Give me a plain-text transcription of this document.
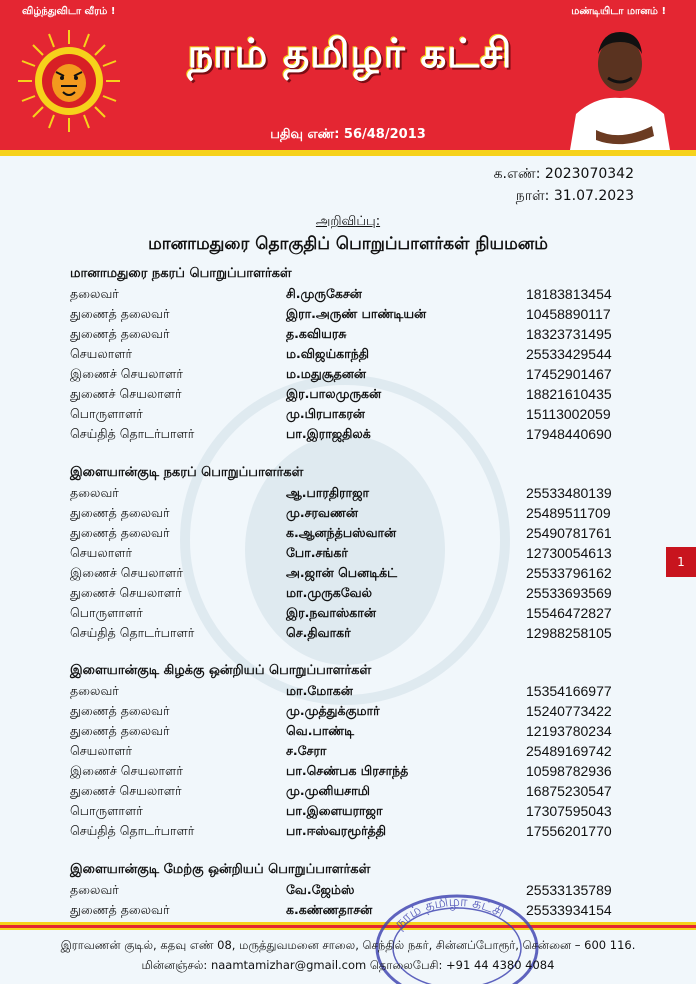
விழ்ந்துவிடா வீரம் !	மண்டியிடா மானம் !
நாம் தமிழர் கட்சி
பதிவு எண்: 56/48/2013
க.எண்: 2023070342
நாள்: 31.07.2023
அறிவிப்பு:
மானாமதுரை தொகுதிப் பொறுப்பாளர்கள் நியமனம்
மானாமதுரை நகரப் பொறுப்பாளர்கள்
தலைவர்	சி.முருகேசன்	18183813454
துணைத் தலைவர்	இரா.அருண் பாண்டியன்	10458890117
துணைத் தலைவர்	த.கவியரசு	18323731495
செயலாளர்	ம.விஜய்காந்தி	25533429544
இணைச் செயலாளர்	ம.மதுசூதனன்	17452901467
துணைச் செயலாளர்	இர.பாலமுருகன்	18821610435
பொருளாளர்	மு.பிரபாகரன்	15113002059
செய்தித் தொடர்பாளர்	பா.இராஜதிலக்	17948440690
இளையான்குடி நகரப் பொறுப்பாளர்கள்
தலைவர்	ஆ.பாரதிராஜா	25533480139
துணைத் தலைவர்	மு.சரவணன்	25489511709
துணைத் தலைவர்	க.ஆனந்த்பஸ்வான்	25490781761
செயலாளர்	போ.சங்கர்	12730054613
இணைச் செயலாளர்	அ.ஜான் பெனடிக்ட்	25533796162
துணைச் செயலாளர்	மா.முருகவேல்	25533693569
பொருளாளர்	இர.நவாஸ்கான்	15546472827
செய்தித் தொடர்பாளர்	செ.திவாகர்	12988258105
இளையான்குடி கிழக்கு ஒன்றியப் பொறுப்பாளர்கள்
தலைவர்	மா.மோகன்	15354166977
துணைத் தலைவர்	மு.முத்துக்குமார்	15240773422
துணைத் தலைவர்	வெ.பாண்டி	12193780234
செயலாளர்	ச.சேரா	25489169742
இணைச் செயலாளர்	பா.செண்பக பிரசாந்த்	10598782936
துணைச் செயலாளர்	மு.முனியசாமி	16875230547
பொருளாளர்	பா.இளையராஜா	17307595043
செய்தித் தொடர்பாளர்	பா.ஈஸ்வரமூர்த்தி	17556201770
இளையான்குடி மேற்கு ஒன்றியப் பொறுப்பாளர்கள்
தலைவர்	வே.ஜேம்ஸ்	25533135789
துணைத் தலைவர்	க.கண்ணதாசன்	25533934154
1
நாம் தமிழர் கட்சி
இராவணன் குடில், கதவு எண் 08, மருத்துவமனை சாலை, செந்தில் நகர், சின்னப்போரூர், சென்னை – 600 116.
மின்னஞ்சல்: naamtamizhar@gmail.com தொலைபேசி: +91 44 4380 4084
